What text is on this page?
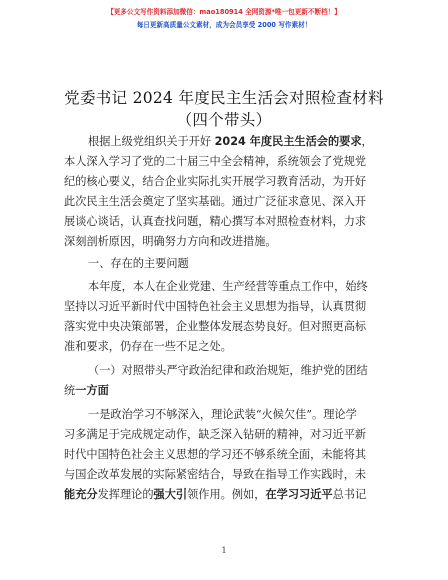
【更多公文写作资料添加微信：mao180914 全网资源*唯一包更新不断档！】
每日更新高质量公文素材，成为会员享受 2000 写作素材！
党委书记 2024 年度民主生活会对照检查材料
（四个带头）
根据上级党组织关于开好 2024 年度民主生活会的要求，
本人深入学习了党的二十届三中全会精神，系统领会了党规党
纪的核心要义，结合企业实际扎实开展学习教育活动，为开好
此次民主生活会奠定了坚实基础。通过广泛征求意见、深入开
展谈心谈话，认真查找问题，精心撰写本对照检查材料，力求
深刻剖析原因，明确努力方向和改进措施。
一、存在的主要问题
本年度，本人在企业党建、生产经营等重点工作中，始终
坚持以习近平新时代中国特色社会主义思想为指导，认真贯彻
落实党中央决策部署，企业整体发展态势良好。但对照更高标
准和要求，仍存在一些不足之处。
（一）对照带头严守政治纪律和政治规矩，维护党的团结
统一方面
一是政治学习不够深入，理论武装“火候欠佳”。理论学
习多满足于完成规定动作，缺乏深入钻研的精神，对习近平新
时代中国特色社会主义思想的学习还不够系统全面，未能将其
与国企改革发展的实际紧密结合，导致在指导工作实践时，未
能充分发挥理论的强大引领作用。例如，在学习习近平总书记
1
